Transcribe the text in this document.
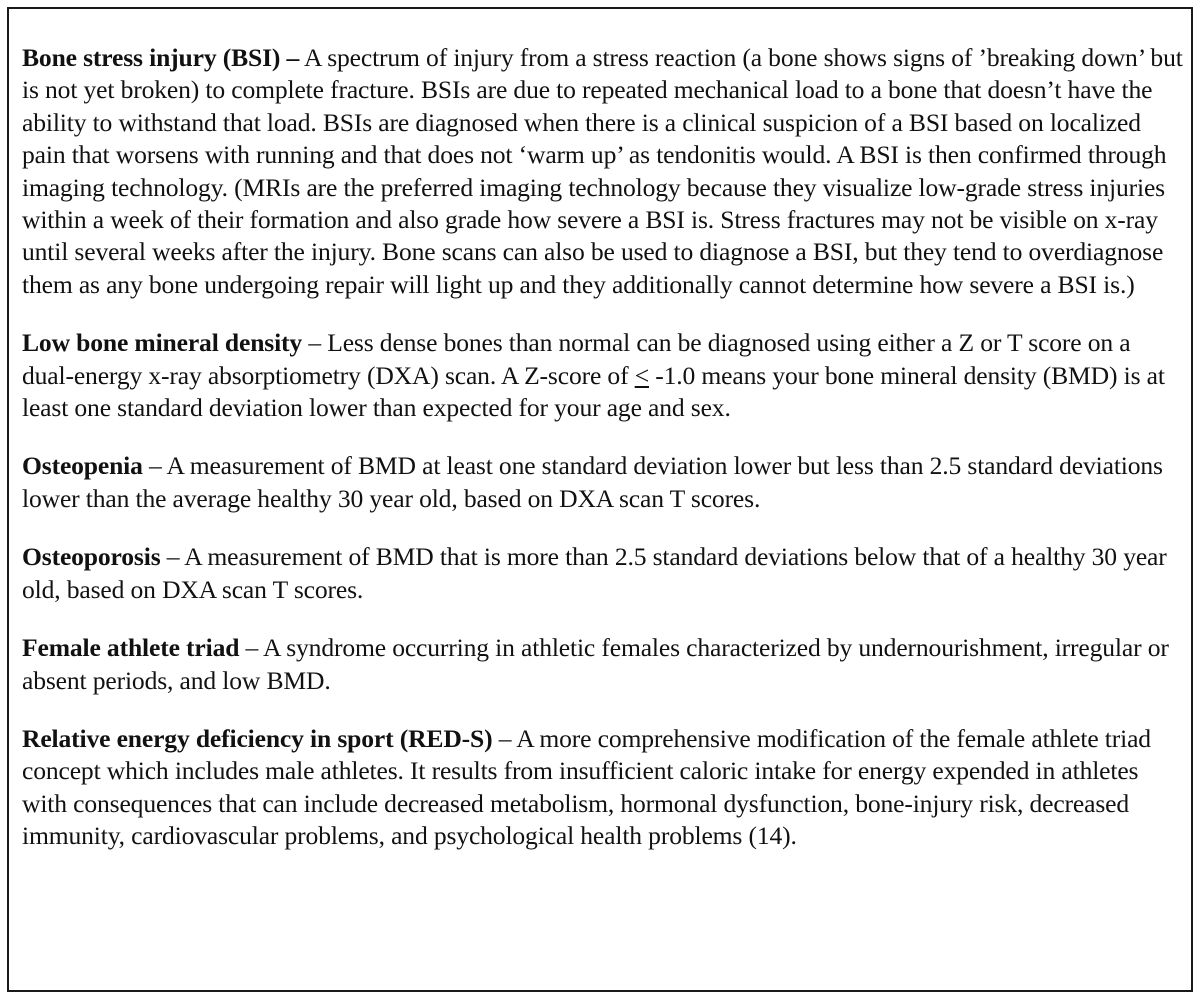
Bone stress injury (BSI) – A spectrum of injury from a stress reaction (a bone shows signs of ’breaking down’ but is not yet broken) to complete fracture. BSIs are due to repeated mechanical load to a bone that doesn’t have the ability to withstand that load. BSIs are diagnosed when there is a clinical suspicion of a BSI based on localized pain that worsens with running and that does not ‘warm up’ as tendonitis would. A BSI is then confirmed through imaging technology. (MRIs are the preferred imaging technology because they visualize low-grade stress injuries within a week of their formation and also grade how severe a BSI is. Stress fractures may not be visible on x-ray until several weeks after the injury. Bone scans can also be used to diagnose a BSI, but they tend to overdiagnose them as any bone undergoing repair will light up and they additionally cannot determine how severe a BSI is.)

Low bone mineral density – Less dense bones than normal can be diagnosed using either a Z or T score on a dual-energy x-ray absorptiometry (DXA) scan. A Z-score of ≤ -1.0 means your bone mineral density (BMD) is at least one standard deviation lower than expected for your age and sex.

Osteopenia – A measurement of BMD at least one standard deviation lower but less than 2.5 standard deviations lower than the average healthy 30 year old, based on DXA scan T scores.

Osteoporosis – A measurement of BMD that is more than 2.5 standard deviations below that of a healthy 30 year old, based on DXA scan T scores.

Female athlete triad – A syndrome occurring in athletic females characterized by undernourishment, irregular or absent periods, and low BMD.

Relative energy deficiency in sport (RED-S) – A more comprehensive modification of the female athlete triad concept which includes male athletes. It results from insufficient caloric intake for energy expended in athletes with consequences that can include decreased metabolism, hormonal dysfunction, bone-injury risk, decreased immunity, cardiovascular problems, and psychological health problems (14).
